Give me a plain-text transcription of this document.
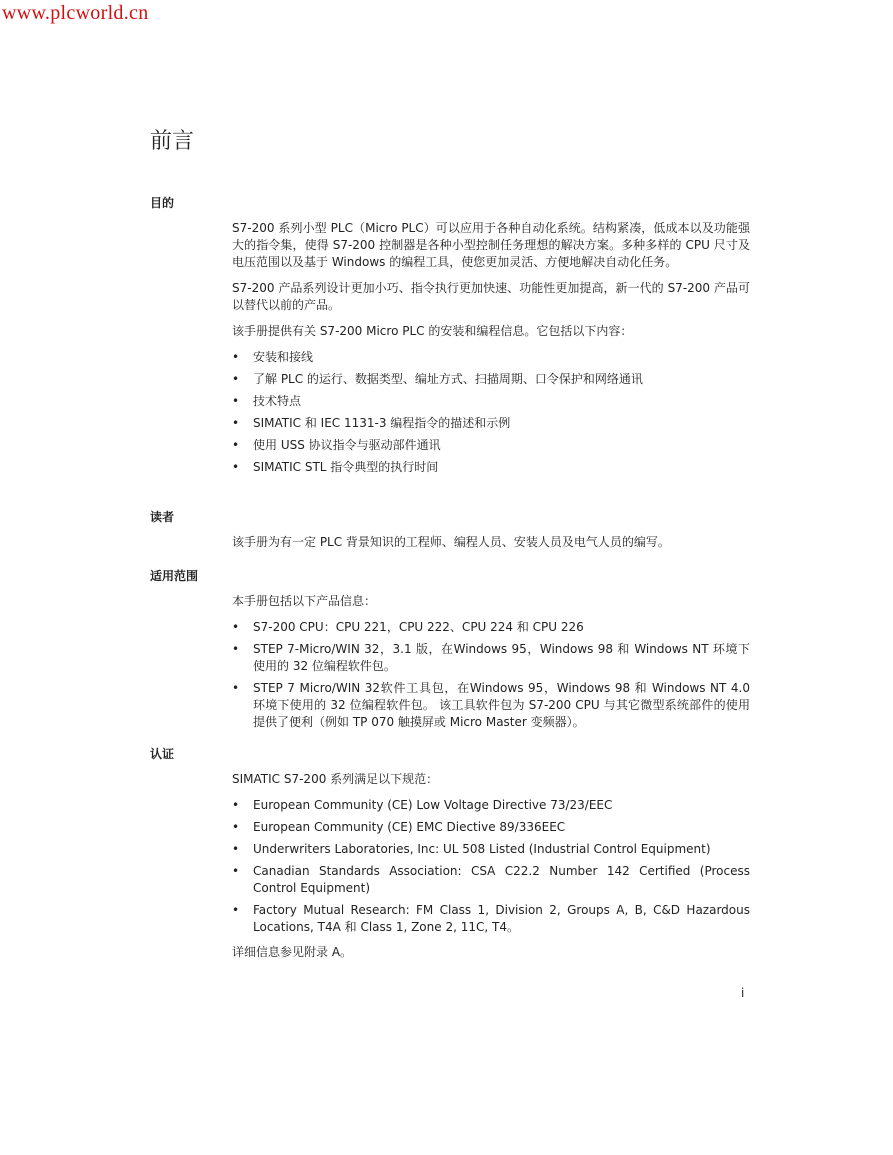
www.plcworld.cn
前言
目的

S7-200 系列小型 PLC（Micro PLC）可以应用于各种自动化系统。结构紧凑，低成本以及功能强大的指令集，使得 S7-200 控制器是各种小型控制任务理想的解决方案。多种多样的 CPU 尺寸及电压范围以及基于 Windows 的编程工具，使您更加灵活、方便地解决自动化任务。

S7-200 产品系列设计更加小巧、指令执行更加快速、功能性更加提高，新一代的 S7-200 产品可以替代以前的产品。

该手册提供有关 S7-200 Micro PLC 的安装和编程信息。它包括以下内容：

• 安装和接线
• 了解 PLC 的运行、数据类型、编址方式、扫描周期、口令保护和网络通讯
• 技术特点
• SIMATIC 和 IEC 1131-3 编程指令的描述和示例
• 使用 USS 协议指令与驱动部件通讯
• SIMATIC STL 指令典型的执行时间
读者

该手册为有一定 PLC 背景知识的工程师、编程人员、安装人员及电气人员的编写。

适用范围

本手册包括以下产品信息：

• S7-200 CPU：CPU 221，CPU 222、CPU 224 和 CPU 226
• STEP 7-Micro/WIN 32，3.1 版，在Windows 95，Windows 98 和 Windows NT 环境下使用的 32 位编程软件包。
• STEP 7 Micro/WIN 32软件工具包，在Windows 95，Windows 98 和 Windows NT 4.0 环境下使用的 32 位编程软件包。 该工具软件包为 S7-200 CPU 与其它微型系统部件的使用提供了便利（例如 TP 070 触摸屏或 Micro Master 变频器）。
认证

SIMATIC S7-200 系列满足以下规范：

• European Community (CE) Low Voltage Directive 73/23/EEC
• European Community (CE) EMC Diective 89/336EEC
• Underwriters Laboratories, Inc: UL 508 Listed (Industrial Control Equipment)
• Canadian Standards Association: CSA C22.2 Number 142 Certified (Process Control Equipment)
• Factory Mutual Research: FM Class 1, Division 2, Groups A, B, C&D Hazardous Locations, T4A 和 Class 1, Zone 2, 11C, T4。

详细信息参见附录 A。

i
